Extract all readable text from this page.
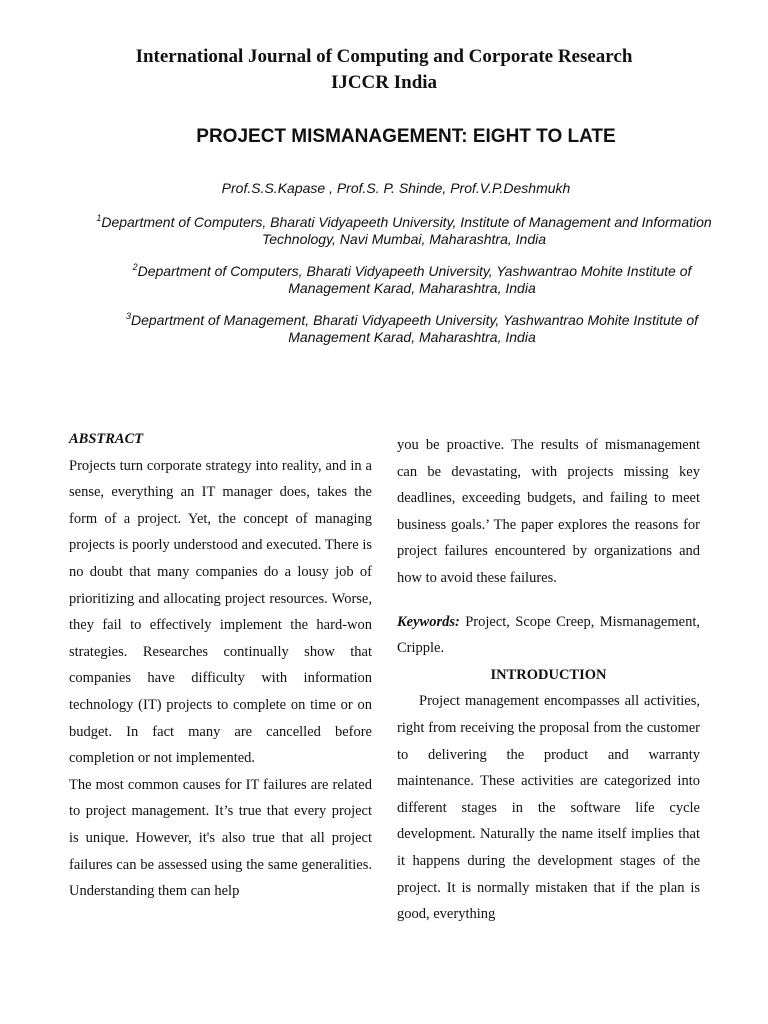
International Journal of Computing and Corporate Research
IJCCR India
PROJECT MISMANAGEMENT: EIGHT TO LATE
Prof.S.S.Kapase , Prof.S. P. Shinde, Prof.V.P.Deshmukh
$^1$Department of Computers, Bharati Vidyapeeth University, Institute of Management and Information
Technology, Navi Mumbai, Maharashtra, India
$^2$Department of Computers, Bharati Vidyapeeth University, Yashwantrao Mohite Institute of
Management Karad, Maharashtra, India
$^3$Department of Management, Bharati Vidyapeeth University, Yashwantrao Mohite Institute of
Management Karad, Maharashtra, India

ABSTRACT

Projects turn corporate strategy into reality, and in a sense, everything an IT manager does, takes the form of a project. Yet, the concept of managing projects is poorly understood and executed. There is no doubt that many companies do a lousy job of prioritizing and allocating project resources. Worse, they fail to effectively implement the hard-won strategies. Researches continually show that companies have difficulty with information technology (IT) projects to complete on time or on budget. In fact many are cancelled before completion or not implemented.

The most common causes for IT failures are related to project management. It’s true that every project is unique. However, it's also true that all project failures can be assessed using the same generalities. Understanding them can help

you be proactive. The results of mismanagement can be devastating, with projects missing key deadlines, exceeding budgets, and failing to meet business goals.’ The paper explores the reasons for project failures encountered by organizations and how to avoid these failures.

Keywords: Project, Scope Creep, Mismanagement, Cripple.

INTRODUCTION

Project management encompasses all activities, right from receiving the proposal from the customer to delivering the product and warranty maintenance. These activities are categorized into different stages in the software life cycle development. Naturally the name itself implies that it happens during the development stages of the project. It is normally mistaken that if the plan is good, everything
